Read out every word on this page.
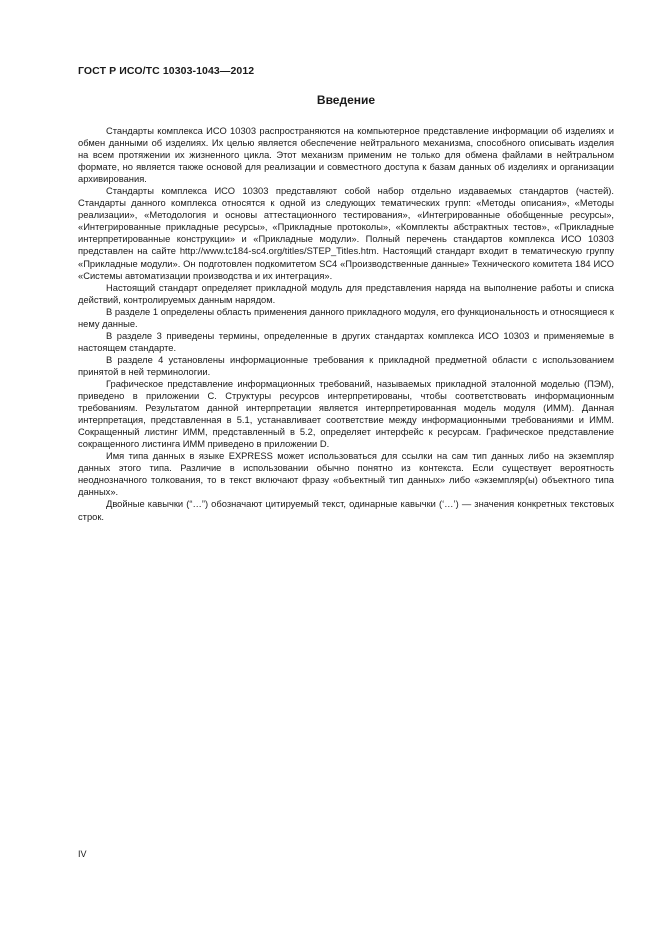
ГОСТ Р ИСО/ТС 10303-1043—2012
Введение

Стандарты комплекса ИСО 10303 распространяются на компьютерное представление информации об изделиях и обмен данными об изделиях. Их целью является обеспечение нейтрального механизма, способного описывать изделия на всем протяжении их жизненного цикла. Этот механизм применим не только для обмена файлами в нейтральном формате, но является также основой для реализации и совместного доступа к базам данных об изделиях и организации архивирования.

Стандарты комплекса ИСО 10303 представляют собой набор отдельно издаваемых стандартов (частей). Стандарты данного комплекса относятся к одной из следующих тематических групп: «Методы описания», «Методы реализации», «Методология и основы аттестационного тестирования», «Интегрированные обобщенные ресурсы», «Интегрированные прикладные ресурсы», «Прикладные протоколы», «Комплекты абстрактных тестов», «Прикладные интерпретированные конструкции» и «Прикладные модули». Полный перечень стандартов комплекса ИСО 10303 представлен на сайте http://www.tc184-sc4.org/titles/STEP_Titles.htm. Настоящий стандарт входит в тематическую группу «Прикладные модули». Он подготовлен подкомитетом SC4 «Производственные данные» Технического комитета 184 ИСО «Системы автоматизации производства и их интеграция».

Настоящий стандарт определяет прикладной модуль для представления наряда на выполнение работы и списка действий, контролируемых данным нарядом.

В разделе 1 определены область применения данного прикладного модуля, его функциональность и относящиеся к нему данные.

В разделе 3 приведены термины, определенные в других стандартах комплекса ИСО 10303 и применяемые в настоящем стандарте.

В разделе 4 установлены информационные требования к прикладной предметной области с использованием принятой в ней терминологии.

Графическое представление информационных требований, называемых прикладной эталонной моделью (ПЭМ), приведено в приложении С. Структуры ресурсов интерпретированы, чтобы соответствовать информационным требованиям. Результатом данной интерпретации является интерпретированная модель модуля (ИММ). Данная интерпретация, представленная в 5.1, устанавливает соответствие между информационными требованиями и ИММ. Сокращенный листинг ИММ, представленный в 5.2, определяет интерфейс к ресурсам. Графическое представление сокращенного листинга ИММ приведено в приложении D.

Имя типа данных в языке EXPRESS может использоваться для ссылки на сам тип данных либо на экземпляр данных этого типа. Различие в использовании обычно понятно из контекста. Если существует вероятность неоднозначного толкования, то в текст включают фразу «объектный тип данных» либо «экземпляр(ы) объектного типа данных».

Двойные кавычки (“…”) обозначают цитируемый текст, одинарные кавычки (‘…’) — значения конкретных текстовых строк.

IV
